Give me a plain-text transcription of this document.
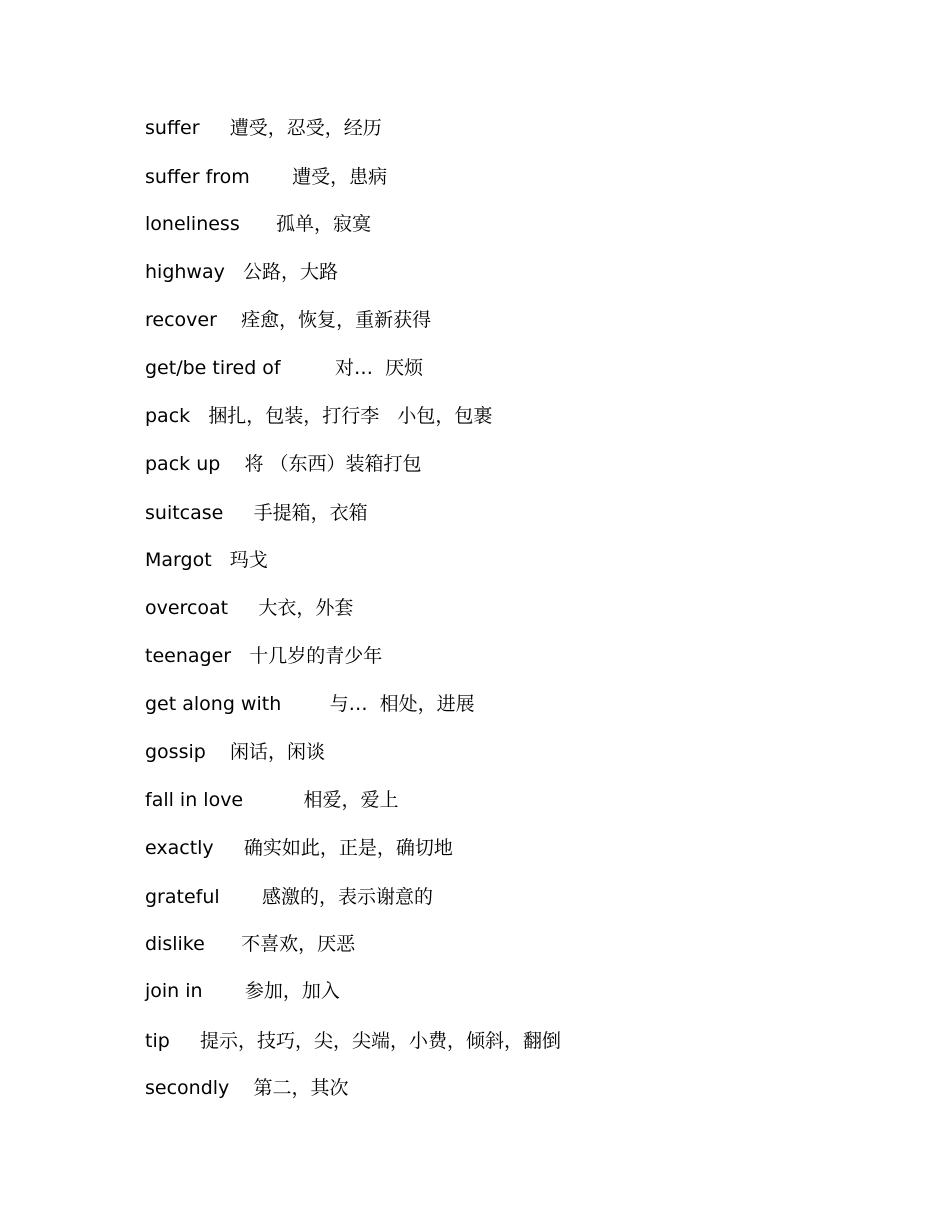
suffer 遭受，忍受，经历
suffer from 遭受，患病
loneliness 孤单，寂寞
highway 公路，大路
recover 痊愈，恢复，重新获得
get/be tired of	对…  厌烦
pack 捆扎，包装，打行李   小包，包裹
pack up 将 （东西）装箱打包
suitcase 手提箱，衣箱
Margot 玛戈
overcoat 大衣，外套
teenager 十几岁的青少年
get along with	与…  相处，进展
gossip 闲话，闲谈
fall in love	相爱，爱上
exactly 确实如此，正是，确切地
grateful 感激的，表示谢意的
dislike 不喜欢，厌恶
join in 参加，加入
tip 提示，技巧，尖，尖端，小费，倾斜，翻倒
secondly 第二，其次
